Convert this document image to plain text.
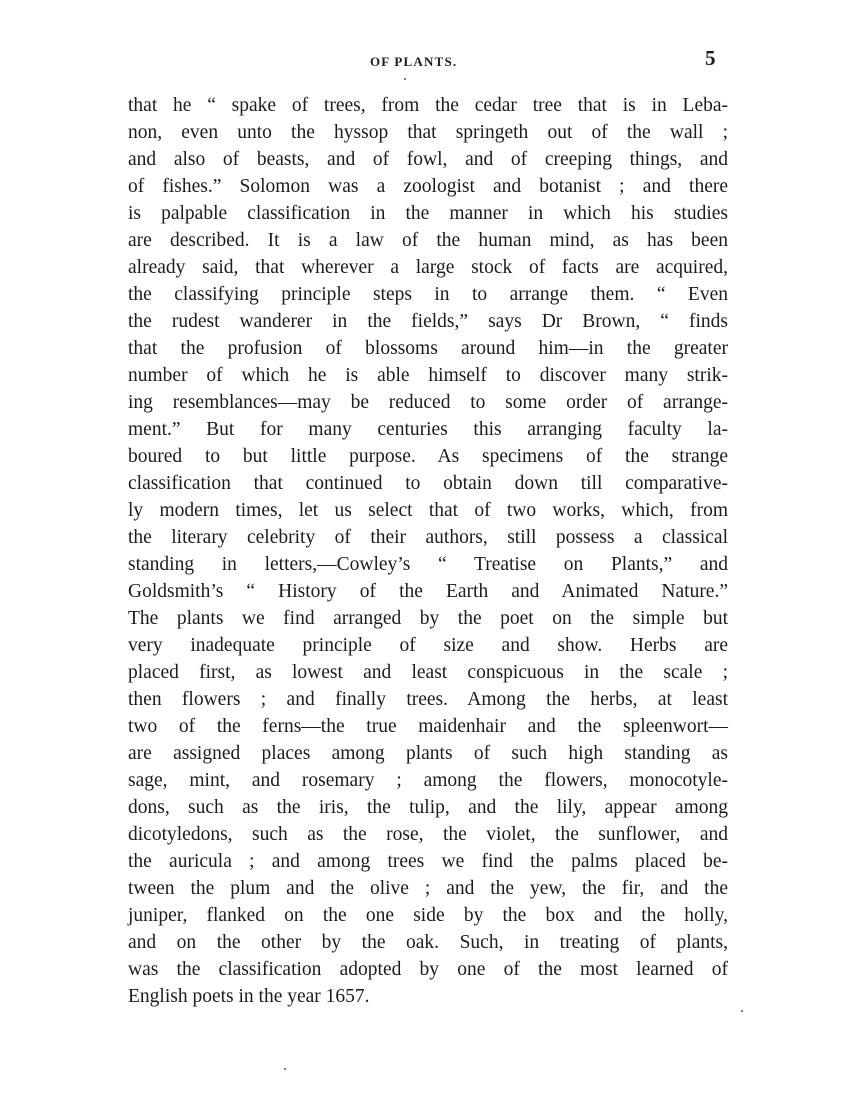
OF PLANTS.	5
that he “ spake of trees, from the cedar tree that is in Leba-
non, even unto the hyssop that springeth out of the wall ;
and also of beasts, and of fowl, and of creeping things, and
of fishes.” Solomon was a zoologist and botanist ; and there
is palpable classification in the manner in which his studies
are described. It is a law of the human mind, as has been
already said, that wherever a large stock of facts are acquired,
the classifying principle steps in to arrange them. “ Even
the rudest wanderer in the fields,” says Dr Brown, “ finds
that the profusion of blossoms around him—in the greater
number of which he is able himself to discover many strik-
ing resemblances—may be reduced to some order of arrange-
ment.” But for many centuries this arranging faculty la-
boured to but little purpose. As specimens of the strange
classification that continued to obtain down till comparative-
ly modern times, let us select that of two works, which, from
the literary celebrity of their authors, still possess a classical
standing in letters,—Cowley’s “ Treatise on Plants,” and
Goldsmith’s “ History of the Earth and Animated Nature.”
The plants we find arranged by the poet on the simple but
very inadequate principle of size and show. Herbs are
placed first, as lowest and least conspicuous in the scale ;
then flowers ; and finally trees. Among the herbs, at least
two of the ferns—the true maidenhair and the spleenwort—
are assigned places among plants of such high standing as
sage, mint, and rosemary ; among the flowers, monocotyle-
dons, such as the iris, the tulip, and the lily, appear among
dicotyledons, such as the rose, the violet, the sunflower, and
the auricula ; and among trees we find the palms placed be-
tween the plum and the olive ; and the yew, the fir, and the
juniper, flanked on the one side by the box and the holly,
and on the other by the oak. Such, in treating of plants,
was the classification adopted by one of the most learned of
English poets in the year 1657.
